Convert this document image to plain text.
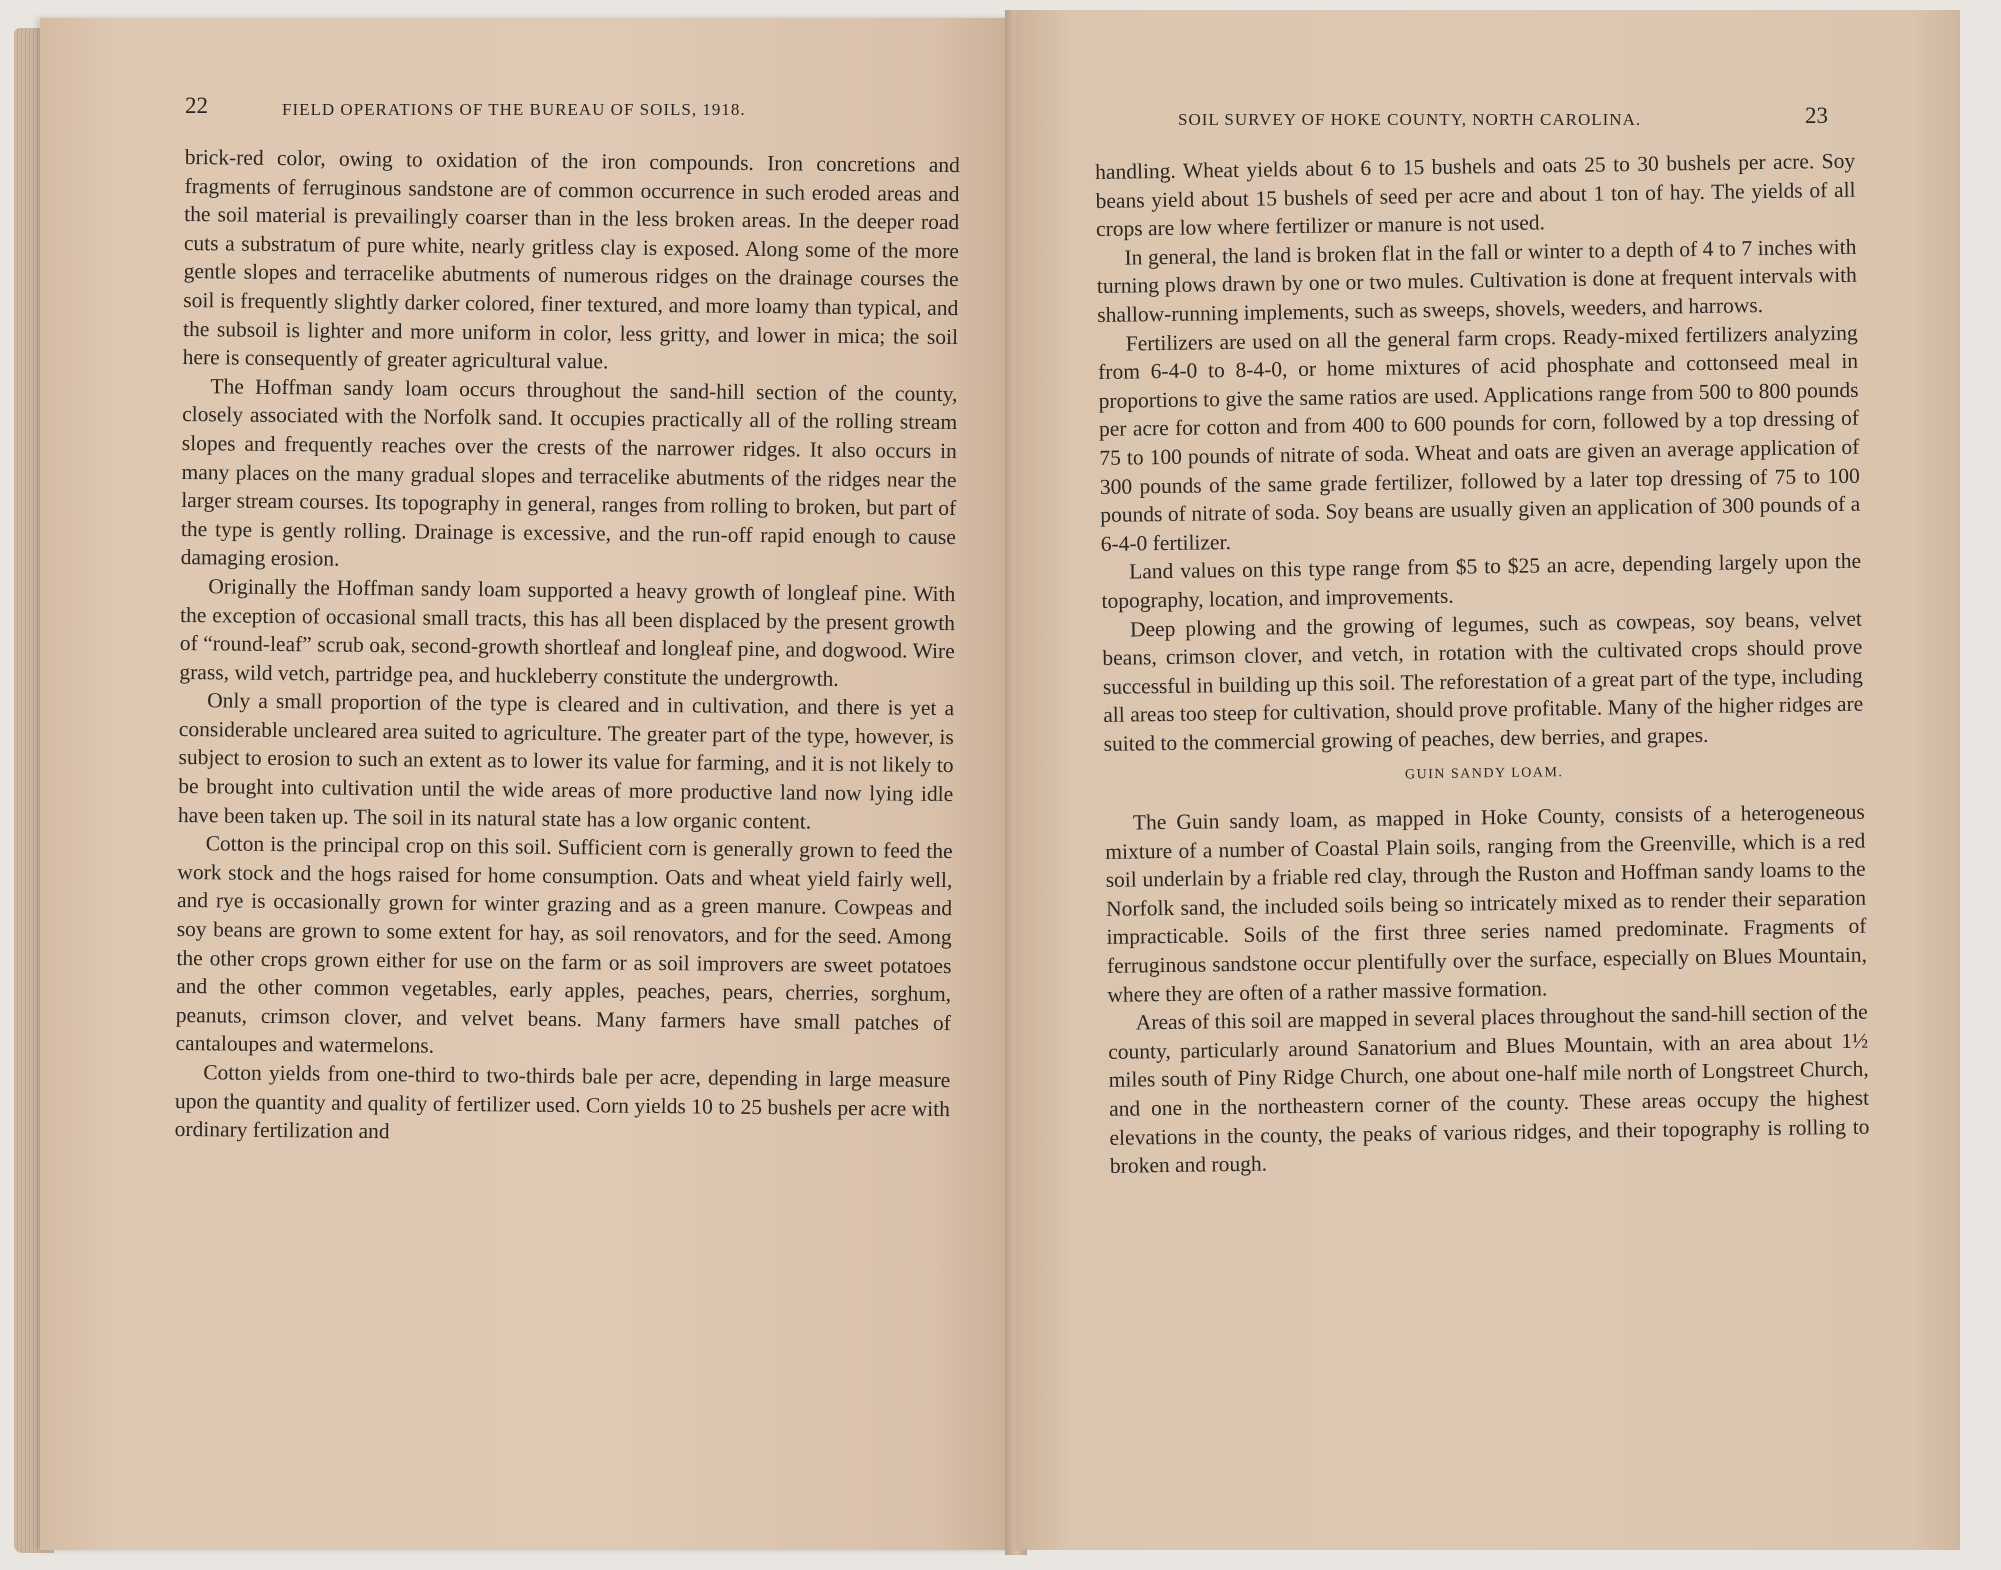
22	FIELD OPERATIONS OF THE BUREAU OF SOILS, 1918.

brick-red color, owing to oxidation of the iron compounds. Iron concretions and fragments of ferruginous sandstone are of common occurrence in such eroded areas and the soil material is prevailingly coarser than in the less broken areas. In the deeper road cuts a substratum of pure white, nearly gritless clay is exposed. Along some of the more gentle slopes and terracelike abutments of numerous ridges on the drainage courses the soil is frequently slightly darker colored, finer textured, and more loamy than typical, and the subsoil is lighter and more uniform in color, less gritty, and lower in mica; the soil here is consequently of greater agricultural value.

The Hoffman sandy loam occurs throughout the sand-hill section of the county, closely associated with the Norfolk sand. It occupies practically all of the rolling stream slopes and frequently reaches over the crests of the narrower ridges. It also occurs in many places on the many gradual slopes and terracelike abutments of the ridges near the larger stream courses. Its topography in general, ranges from rolling to broken, but part of the type is gently rolling. Drainage is excessive, and the run-off rapid enough to cause damaging erosion.

Originally the Hoffman sandy loam supported a heavy growth of longleaf pine. With the exception of occasional small tracts, this has all been displaced by the present growth of “round-leaf” scrub oak, second-growth shortleaf and longleaf pine, and dogwood. Wire grass, wild vetch, partridge pea, and huckleberry constitute the undergrowth.

Only a small proportion of the type is cleared and in cultivation, and there is yet a considerable uncleared area suited to agriculture. The greater part of the type, however, is subject to erosion to such an extent as to lower its value for farming, and it is not likely to be brought into cultivation until the wide areas of more productive land now lying idle have been taken up. The soil in its natural state has a low organic content.

Cotton is the principal crop on this soil. Sufficient corn is generally grown to feed the work stock and the hogs raised for home consumption. Oats and wheat yield fairly well, and rye is occasionally grown for winter grazing and as a green manure. Cowpeas and soy beans are grown to some extent for hay, as soil renovators, and for the seed. Among the other crops grown either for use on the farm or as soil improvers are sweet potatoes and the other common vegetables, early apples, peaches, pears, cherries, sorghum, peanuts, crimson clover, and velvet beans. Many farmers have small patches of cantaloupes and watermelons.

Cotton yields from one-third to two-thirds bale per acre, depending in large measure upon the quantity and quality of fertilizer used. Corn yields 10 to 25 bushels per acre with ordinary fertilization and

SOIL SURVEY OF HOKE COUNTY, NORTH CAROLINA.	23

handling. Wheat yields about 6 to 15 bushels and oats 25 to 30 bushels per acre. Soy beans yield about 15 bushels of seed per acre and about 1 ton of hay. The yields of all crops are low where fertilizer or manure is not used.

In general, the land is broken flat in the fall or winter to a depth of 4 to 7 inches with turning plows drawn by one or two mules. Cultivation is done at frequent intervals with shallow-running implements, such as sweeps, shovels, weeders, and harrows.

Fertilizers are used on all the general farm crops. Ready-mixed fertilizers analyzing from 6-4-0 to 8-4-0, or home mixtures of acid phosphate and cottonseed meal in proportions to give the same ratios are used. Applications range from 500 to 800 pounds per acre for cotton and from 400 to 600 pounds for corn, followed by a top dressing of 75 to 100 pounds of nitrate of soda. Wheat and oats are given an average application of 300 pounds of the same grade fertilizer, followed by a later top dressing of 75 to 100 pounds of nitrate of soda. Soy beans are usually given an application of 300 pounds of a 6-4-0 fertilizer.

Land values on this type range from $5 to $25 an acre, depending largely upon the topography, location, and improvements.

Deep plowing and the growing of legumes, such as cowpeas, soy beans, velvet beans, crimson clover, and vetch, in rotation with the cultivated crops should prove successful in building up this soil. The reforestation of a great part of the type, including all areas too steep for cultivation, should prove profitable. Many of the higher ridges are suited to the commercial growing of peaches, dew berries, and grapes.

GUIN SANDY LOAM.

The Guin sandy loam, as mapped in Hoke County, consists of a heterogeneous mixture of a number of Coastal Plain soils, ranging from the Greenville, which is a red soil underlain by a friable red clay, through the Ruston and Hoffman sandy loams to the Norfolk sand, the included soils being so intricately mixed as to render their separation impracticable. Soils of the first three series named predominate. Fragments of ferruginous sandstone occur plentifully over the surface, especially on Blues Mountain, where they are often of a rather massive formation.

Areas of this soil are mapped in several places throughout the sand-hill section of the county, particularly around Sanatorium and Blues Mountain, with an area about 1½ miles south of Piny Ridge Church, one about one-half mile north of Longstreet Church, and one in the northeastern corner of the county. These areas occupy the highest elevations in the county, the peaks of various ridges, and their topography is rolling to broken and rough.
